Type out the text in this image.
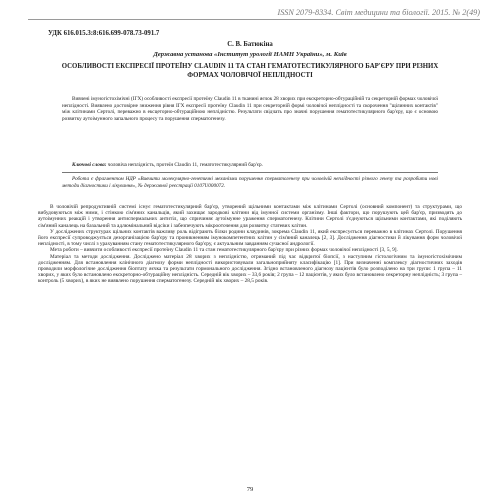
ISSN 2079-8334. Світ медицини та біології. 2015. № 2(49)
УДК 616.015.3:8:616.699-078.73-091.7
С. В. Батюкіна
Державна установа «Інститут урології НАМН України», м. Київ
ОСОБЛИВОСТІ ЕКСПРЕСІЇ ПРОТЕЇНУ CLAUDIN 11 ТА СТАН ГЕМАТОТЕСТИКУЛЯРНОГО БАР'ЄРУ ПРИ РІЗНИХ ФОРМАХ ЧОЛОВІЧОЇ НЕПЛІДНОСТІ
Вивчені імуногістохімічні (ІГХ) особливості експресії протеїну Claudin 11 в тканині яєчок 28 хворих при екскреторно-обтураційній та секреторній формах чоловічої неплідності. Виявлено достовірне зниження рівня ІГХ експресії протеїну Claudin 11 при секреторній формі чоловічої неплідності та скорочення "щілинних контактів" між клітинами Сертолі, переважно в ексцеторно-обтураційною неплідністю. Результати свідчать про значні порушення гематотестикулярного бар'єру, що є основою розвитку аутоімунного запального процесу та порушення сперматогенезу.
Ключові слова: чоловіча неплідність, протеїн Claudin 11, гематотестикулярний бар'єр.
Робота є фрагментом НДР «Вивчити молекулярно-генетичні механізми порушення сперматогенезу при чоловічій неплідності різного генезу та розробити нові методи діагностики і лікування», № державної реєстрації 0107U000072.

В чоловічій репродуктивній системі існує гематотестикулярний бар'єр, утворений щільними контактами між клітинами Сертолі (основний компонент) та структурами, що вибудовуються між ними, і стінкою сім'яних канальців, який захищає зародкові клітини від імунної системи організму. Інші фактори, що порушують цей бар'єр, призводять до аутоімунних реакцій і утворення антиспермальних антитіл, що спричиняє аутоімунне ураження сперматогенезу. Клітини Сертолі з'єднуються щільними контактами, які поділяють сім'яний каналець на базальний та адлюмінальний відсіки і забезпечують мікрооточення для розвитку статевих клітин.

У досліджених структурах щільних контактів важливу роль відіграють білки родини клаудинів, зокрема Claudin 11, який експресується переважно в клітинах Сертолі. Порушення його експресії супроводжується дезорганізацією бар'єру та проникненням імунокомпетентних клітин у сім'яний каналець [2, 3]. Дослідження діагностики й лікування форм чоловічої неплідності, в тому числі з урахуванням стану гематотестикулярного бар'єру, є актуальним завданням сучасної андрології.

Мета роботи – вивчити особливості експресії протеїну Claudin 11 та стан гематотестикулярного бар'єру при різних формах чоловічої неплідності [3, 5, 9].

Матеріал та методи дослідження. Досліджено матеріал 28 хворих з неплідністю, отриманий під час відкритої біопсії, з наступним гістологічним та імуногістохімічним дослідженням. Для встановлення клінічного діагнозу форми неплідності використовували загальноприйняту класифікацію [1]. При визначенні комплексу діагностичних заходів проводили морфологічне дослідження біоптату яєчка та результати гормонального дослідження. Згідно встановленого діагнозу пацієнтів було розподілено на три групи: 1 група – 11 хворих, у яких було встановлено екскреторно-обтураційну неплідність. Середній вік хворих – 33,6 років; 2 група – 12 пацієнтів, у яких було встановлено секреторну неплідність; 3 група – контроль (5 хворих), в яких не виявлено порушення сперматогенезу. Середній вік хворих – 28,5 років.

79
